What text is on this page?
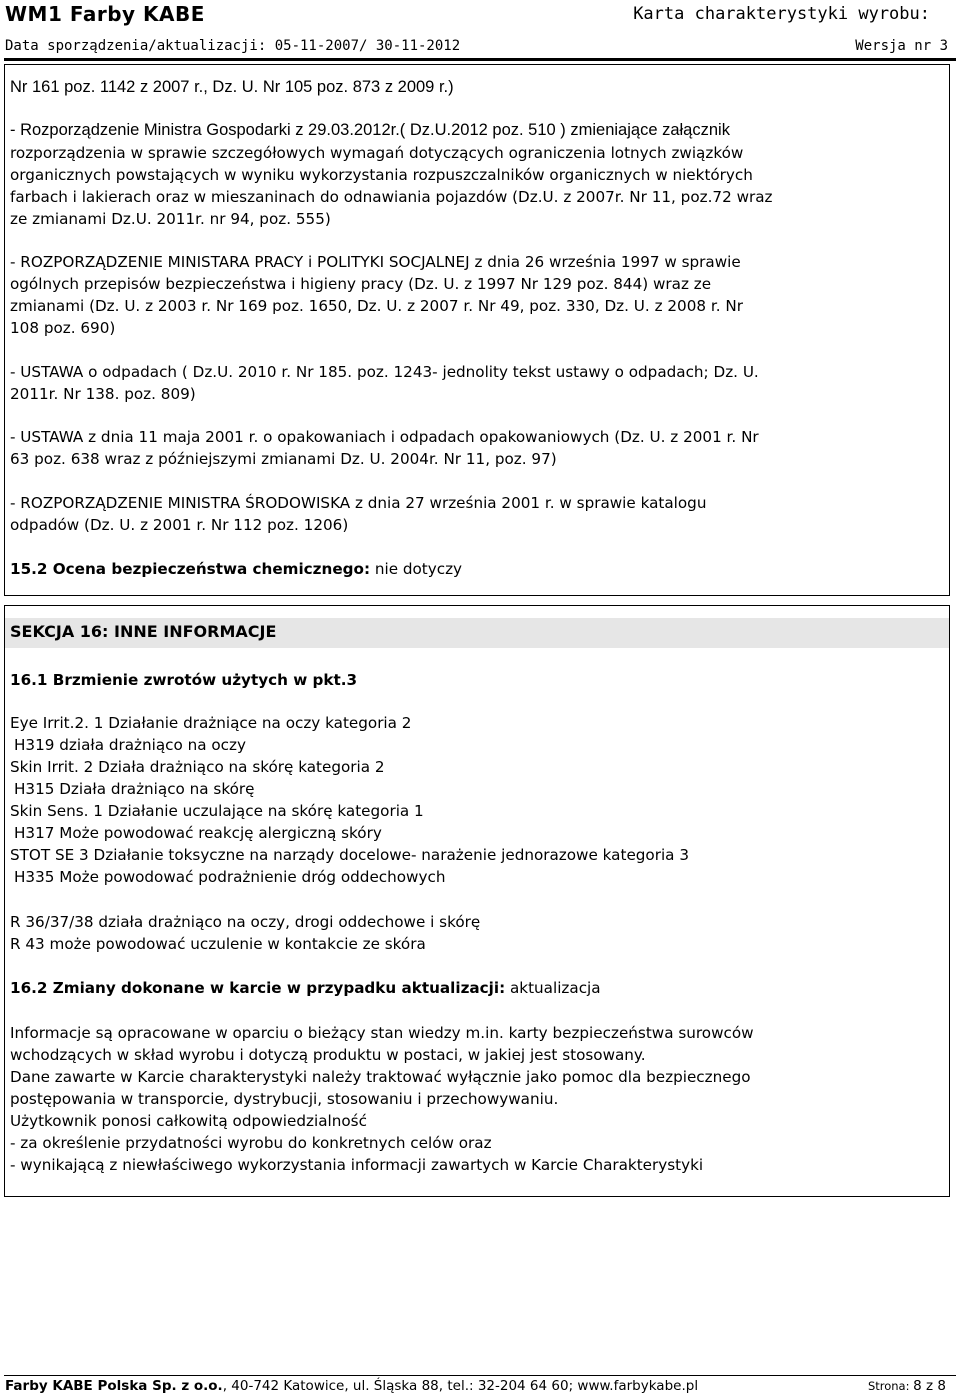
WM1 Farby KABE	Karta charakterystyki wyrobu:
Data sporządzenia/aktualizacji: 05-11-2007/ 30-11-2012	Wersja nr 3
Nr 161 poz. 1142 z 2007 r., Dz. U. Nr 105 poz. 873 z 2009 r.)
- Rozporządzenie Ministra Gospodarki z 29.03.2012r.( Dz.U.2012 poz. 510 ) zmieniające załącznik
rozporządzenia w sprawie szczegółowych wymagań dotyczących ograniczenia lotnych związków
organicznych powstających w wyniku wykorzystania rozpuszczalników organicznych w niektórych
farbach i lakierach oraz w mieszaninach do odnawiania pojazdów (Dz.U. z 2007r. Nr 11, poz.72 wraz
ze zmianami Dz.U. 2011r. nr 94, poz. 555)
- ROZPORZĄDZENIE MINISTARA PRACY i POLITYKI SOCJALNEJ z dnia 26 września 1997 w sprawie
ogólnych przepisów bezpieczeństwa i higieny pracy (Dz. U. z 1997 Nr 129 poz. 844) wraz ze
zmianami (Dz. U. z 2003 r. Nr 169 poz. 1650, Dz. U. z 2007 r. Nr 49, poz. 330, Dz. U. z 2008 r. Nr
108 poz. 690)
- USTAWA o odpadach ( Dz.U. 2010 r. Nr 185. poz. 1243- jednolity tekst ustawy o odpadach; Dz. U.
2011r. Nr 138. poz. 809)
- USTAWA z dnia 11 maja 2001 r. o opakowaniach i odpadach opakowaniowych (Dz. U. z 2001 r. Nr
63 poz. 638 wraz z późniejszymi zmianami Dz. U. 2004r. Nr 11, poz. 97)
- ROZPORZĄDZENIE MINISTRA ŚRODOWISKA z dnia 27 września 2001 r. w sprawie katalogu
odpadów (Dz. U. z 2001 r. Nr 112 poz. 1206)
15.2 Ocena bezpieczeństwa chemicznego: nie dotyczy
SEKCJA 16: INNE INFORMACJE
16.1 Brzmienie zwrotów użytych w pkt.3
Eye Irrit.2. 1 Działanie drażniące na oczy kategoria 2
H319 działa drażniąco na oczy
Skin Irrit. 2 Działa drażniąco na skórę kategoria 2
H315 Działa drażniąco na skórę
Skin Sens. 1 Działanie uczulające na skórę kategoria 1
H317 Może powodować reakcję alergiczną skóry
STOT SE 3 Działanie toksyczne na narządy docelowe- narażenie jednorazowe kategoria 3
H335 Może powodować podrażnienie dróg oddechowych
R 36/37/38 działa drażniąco na oczy, drogi oddechowe i skórę
R 43 może powodować uczulenie w kontakcie ze skóra
16.2 Zmiany dokonane w karcie w przypadku aktualizacji: aktualizacja
Informacje są opracowane w oparciu o bieżący stan wiedzy m.in. karty bezpieczeństwa surowców
wchodzących w skład wyrobu i dotyczą produktu w postaci, w jakiej jest stosowany.
Dane zawarte w Karcie charakterystyki należy traktować wyłącznie jako pomoc dla bezpiecznego
postępowania w transporcie, dystrybucji, stosowaniu i przechowywaniu.
Użytkownik ponosi całkowitą odpowiedzialność
- za określenie przydatności wyrobu do konkretnych celów oraz
- wynikającą z niewłaściwego wykorzystania informacji zawartych w Karcie Charakterystyki
Farby KABE Polska Sp. z o.o., 40-742 Katowice, ul. Śląska 88, tel.: 32-204 64 60; www.farbykabe.pl	Strona: 8 z 8
